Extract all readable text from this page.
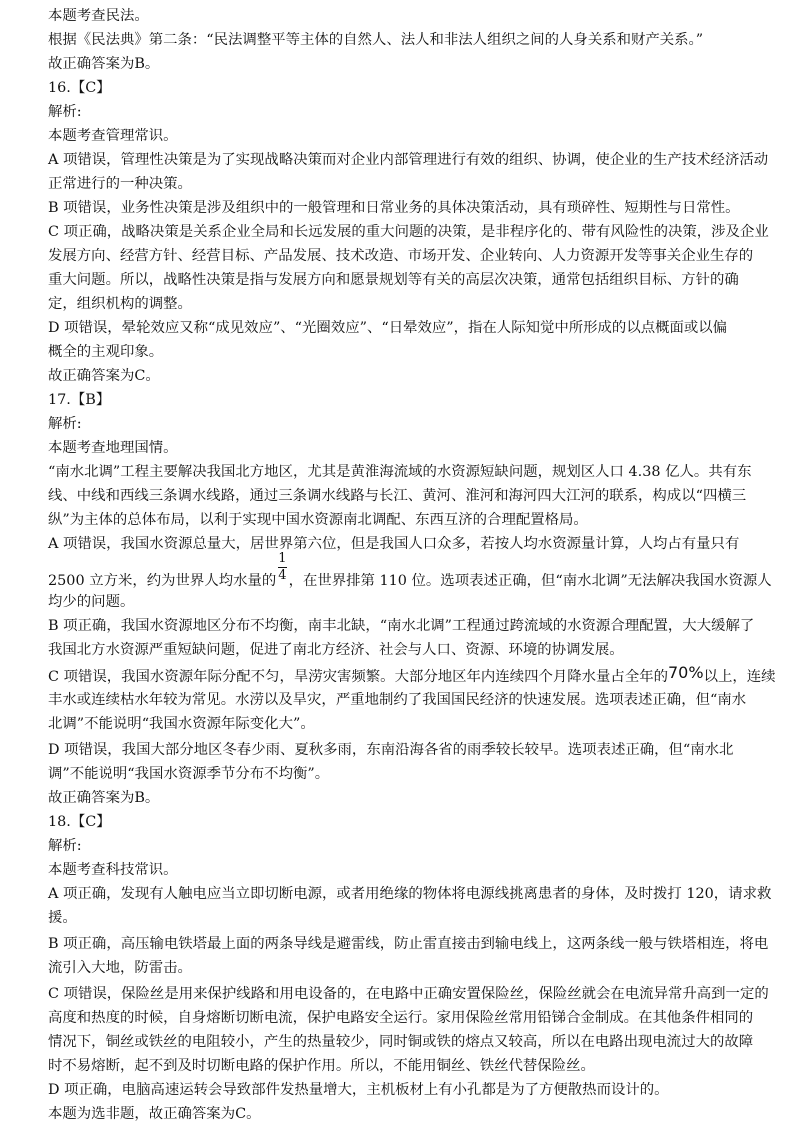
本题考查民法。
根据《民法典》第二条：“民法调整平等主体的自然人、法人和非法人组织之间的人身关系和财产关系。”
故正确答案为B。
16.【C】
解析:
本题考查管理常识。
A 项错误，管理性决策是为了实现战略决策而对企业内部管理进行有效的组织、协调，使企业的生产技术经济活动
正常进行的一种决策。
B 项错误，业务性决策是涉及组织中的一般管理和日常业务的具体决策活动，具有琐碎性、短期性与日常性。
C 项正确，战略决策是关系企业全局和长远发展的重大问题的决策，是非程序化的、带有风险性的决策，涉及企业
发展方向、经营方针、经营目标、产品发展、技术改造、市场开发、企业转向、人力资源开发等事关企业生存的
重大问题。所以，战略性决策是指与发展方向和愿景规划等有关的高层次决策，通常包括组织目标、方针的确
定，组织机构的调整。
D 项错误，晕轮效应又称“成见效应”、“光圈效应”、“日晕效应”，指在人际知觉中所形成的以点概面或以偏
概全的主观印象。
故正确答案为C。
17.【B】
解析:
本题考查地理国情。
“南水北调”工程主要解决我国北方地区，尤其是黄淮海流域的水资源短缺问题，规划区人口 4.38 亿人。共有东
线、中线和西线三条调水线路，通过三条调水线路与长江、黄河、淮河和海河四大江河的联系，构成以“四横三
纵”为主体的总体布局，以利于实现中国水资源南北调配、东西互济的合理配置格局。
A 项错误，我国水资源总量大，居世界第六位，但是我国人口众多，若按人均水资源量计算，人均占有量只有
2500 立方米，约为世界人均水量的 $\frac{1}{4}$ ，在世界排第 110 位。选项表述正确，但“南水北调”无法解决我国水资源人
均少的问题。
B 项正确，我国水资源地区分布不均衡，南丰北缺，“南水北调”工程通过跨流域的水资源合理配置，大大缓解了
我国北方水资源严重短缺问题，促进了南北方经济、社会与人口、资源、环境的协调发展。
C 项错误，我国水资源年际分配不匀，旱涝灾害频繁。大部分地区年内连续四个月降水量占全年的70%以上，连续
丰水或连续枯水年较为常见。水涝以及旱灾，严重地制约了我国国民经济的快速发展。选项表述正确，但“南水
北调”不能说明“我国水资源年际变化大”。
D 项错误，我国大部分地区冬春少雨、夏秋多雨，东南沿海各省的雨季较长较早。选项表述正确，但“南水北
调”不能说明“我国水资源季节分布不均衡”。
故正确答案为B。
18.【C】
解析:
本题考查科技常识。
A 项正确，发现有人触电应当立即切断电源，或者用绝缘的物体将电源线挑离患者的身体，及时拨打 120，请求救
援。
B 项正确，高压输电铁塔最上面的两条导线是避雷线，防止雷直接击到输电线上，这两条线一般与铁塔相连，将电
流引入大地，防雷击。
C 项错误，保险丝是用来保护线路和用电设备的，在电路中正确安置保险丝，保险丝就会在电流异常升高到一定的
高度和热度的时候，自身熔断切断电流，保护电路安全运行。家用保险丝常用铅锑合金制成。在其他条件相同的
情况下，铜丝或铁丝的电阻较小，产生的热量较少，同时铜或铁的熔点又较高，所以在电路出现电流过大的故障
时不易熔断，起不到及时切断电路的保护作用。所以，不能用铜丝、铁丝代替保险丝。
D 项正确，电脑高速运转会导致部件发热量增大，主机板材上有小孔都是为了方便散热而设计的。
本题为选非题，故正确答案为C。
